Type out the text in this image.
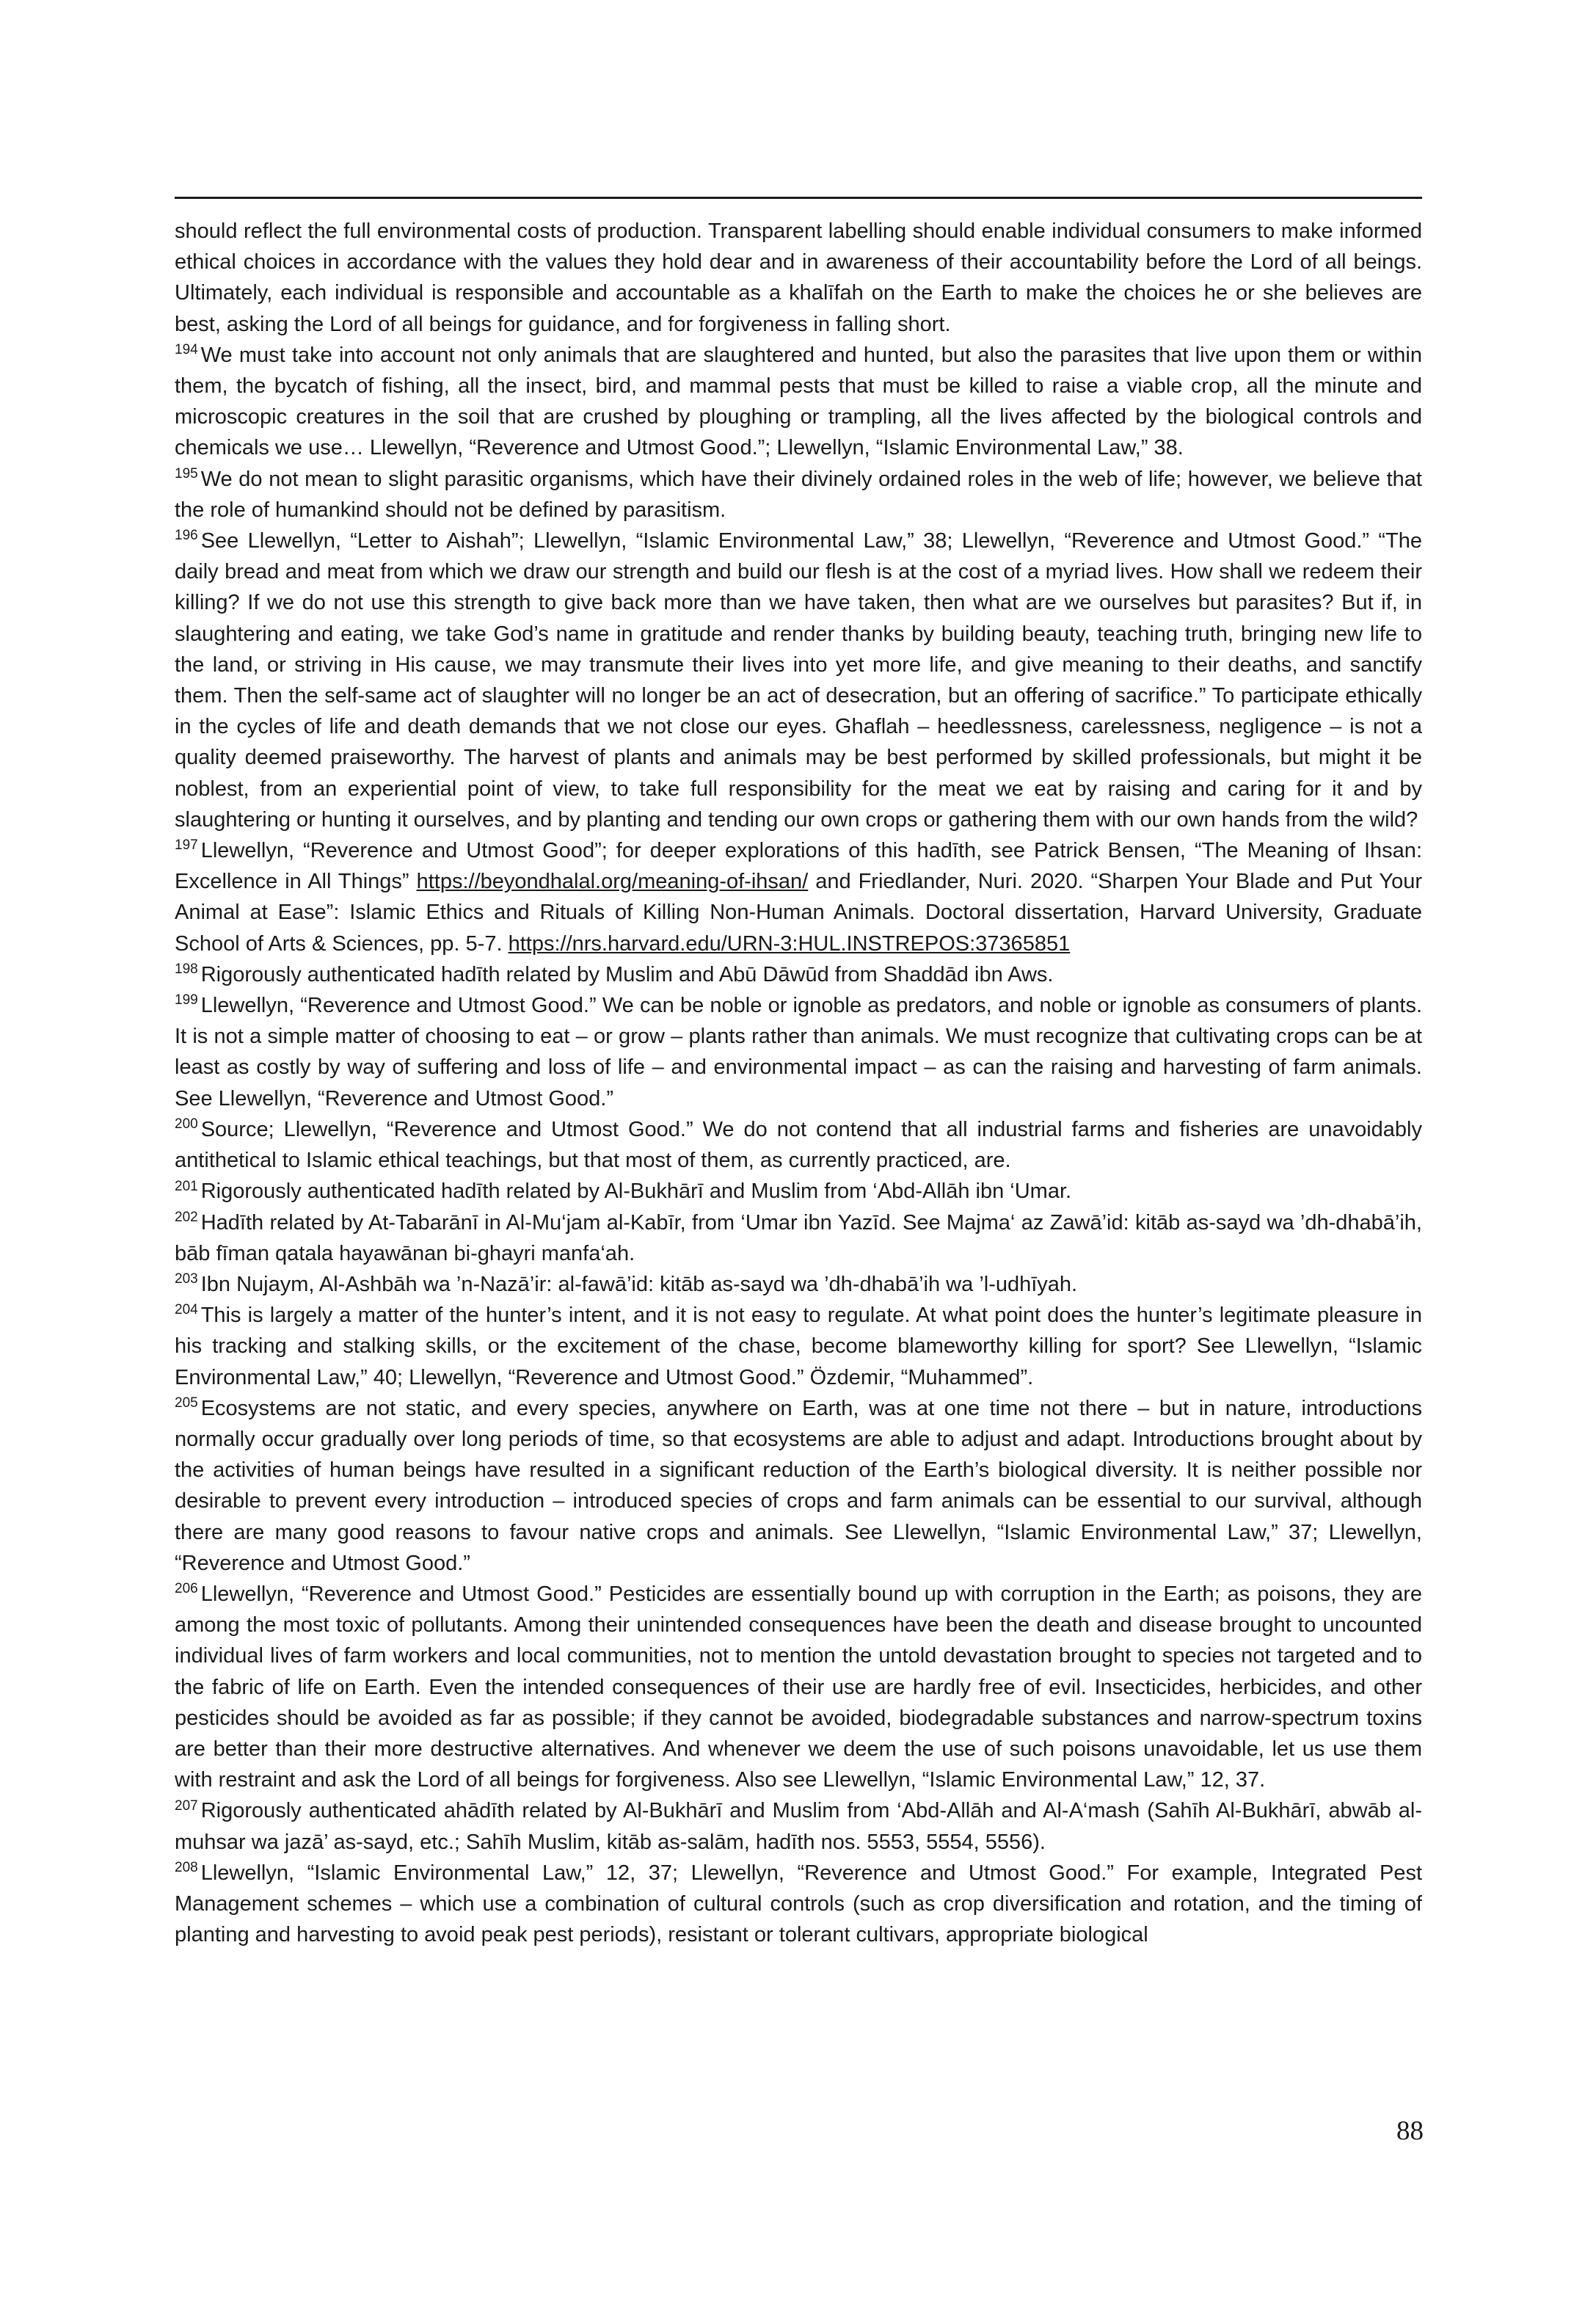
should reflect the full environmental costs of production. Transparent labelling should enable individual consumers to make informed ethical choices in accordance with the values they hold dear and in awareness of their accountability before the Lord of all beings. Ultimately, each individual is responsible and accountable as a khalīfah on the Earth to make the choices he or she believes are best, asking the Lord of all beings for guidance, and for forgiveness in falling short.

$^{194}$ We must take into account not only animals that are slaughtered and hunted, but also the parasites that live upon them or within them, the bycatch of fishing, all the insect, bird, and mammal pests that must be killed to raise a viable crop, all the minute and microscopic creatures in the soil that are crushed by ploughing or trampling, all the lives affected by the biological controls and chemicals we use… Llewellyn, “Reverence and Utmost Good.”; Llewellyn, “Islamic Environmental Law,” 38.

$^{195}$ We do not mean to slight parasitic organisms, which have their divinely ordained roles in the web of life; however, we believe that the role of humankind should not be defined by parasitism.

$^{196}$ See Llewellyn, “Letter to Aishah”; Llewellyn, “Islamic Environmental Law,” 38; Llewellyn, “Reverence and Utmost Good.” “The daily bread and meat from which we draw our strength and build our flesh is at the cost of a myriad lives. How shall we redeem their killing? If we do not use this strength to give back more than we have taken, then what are we ourselves but parasites? But if, in slaughtering and eating, we take God’s name in gratitude and render thanks by building beauty, teaching truth, bringing new life to the land, or striving in His cause, we may transmute their lives into yet more life, and give meaning to their deaths, and sanctify them. Then the self-same act of slaughter will no longer be an act of desecration, but an offering of sacrifice.” To participate ethically in the cycles of life and death demands that we not close our eyes. Ghaflah – heedlessness, carelessness, negligence – is not a quality deemed praiseworthy. The harvest of plants and animals may be best performed by skilled professionals, but might it be noblest, from an experiential point of view, to take full responsibility for the meat we eat by raising and caring for it and by slaughtering or hunting it ourselves, and by planting and tending our own crops or gathering them with our own hands from the wild?

$^{197}$ Llewellyn, “Reverence and Utmost Good”; for deeper explorations of this hadīth, see Patrick Bensen, “The Meaning of Ihsan: Excellence in All Things” https://beyondhalal.org/meaning-of-ihsan/ and Friedlander, Nuri. 2020. “Sharpen Your Blade and Put Your Animal at Ease”: Islamic Ethics and Rituals of Killing Non-Human Animals. Doctoral dissertation, Harvard University, Graduate School of Arts & Sciences, pp. 5-7. https://nrs.harvard.edu/URN-3:HUL.INSTREPOS:37365851

$^{198}$ Rigorously authenticated hadīth related by Muslim and Abū Dāwūd from Shaddād ibn Aws.

$^{199}$ Llewellyn, “Reverence and Utmost Good.” We can be noble or ignoble as predators, and noble or ignoble as consumers of plants. It is not a simple matter of choosing to eat – or grow – plants rather than animals. We must recognize that cultivating crops can be at least as costly by way of suffering and loss of life – and environmental impact – as can the raising and harvesting of farm animals. See Llewellyn, “Reverence and Utmost Good.”

$^{200}$ Source; Llewellyn, “Reverence and Utmost Good.” We do not contend that all industrial farms and fisheries are unavoidably antithetical to Islamic ethical teachings, but that most of them, as currently practiced, are.

$^{201}$ Rigorously authenticated hadīth related by Al-Bukhārī and Muslim from ‘Abd-Allāh ibn ‘Umar.

$^{202}$ Hadīth related by At-Tabarānī in Al-Mu‘jam al-Kabīr, from ‘Umar ibn Yazīd. See Majma‘ az Zawā’id: kitāb as-sayd wa ’dh-dhabā’ih, bāb fīman qatala hayawānan bi-ghayri manfa‘ah.

$^{203}$ Ibn Nujaym, Al-Ashbāh wa ’n-Nazā’ir: al-fawā’id: kitāb as-sayd wa ’dh-dhabā’ih wa ’l-udhīyah.

$^{204}$ This is largely a matter of the hunter’s intent, and it is not easy to regulate. At what point does the hunter’s legitimate pleasure in his tracking and stalking skills, or the excitement of the chase, become blameworthy killing for sport? See Llewellyn, “Islamic Environmental Law,” 40; Llewellyn, “Reverence and Utmost Good.” Özdemir, “Muhammed”.

$^{205}$ Ecosystems are not static, and every species, anywhere on Earth, was at one time not there – but in nature, introductions normally occur gradually over long periods of time, so that ecosystems are able to adjust and adapt. Introductions brought about by the activities of human beings have resulted in a significant reduction of the Earth’s biological diversity. It is neither possible nor desirable to prevent every introduction – introduced species of crops and farm animals can be essential to our survival, although there are many good reasons to favour native crops and animals. See Llewellyn, “Islamic Environmental Law,” 37; Llewellyn, “Reverence and Utmost Good.”

$^{206}$ Llewellyn, “Reverence and Utmost Good.” Pesticides are essentially bound up with corruption in the Earth; as poisons, they are among the most toxic of pollutants. Among their unintended consequences have been the death and disease brought to uncounted individual lives of farm workers and local communities, not to mention the untold devastation brought to species not targeted and to the fabric of life on Earth. Even the intended consequences of their use are hardly free of evil. Insecticides, herbicides, and other pesticides should be avoided as far as possible; if they cannot be avoided, biodegradable substances and narrow-spectrum toxins are better than their more destructive alternatives. And whenever we deem the use of such poisons unavoidable, let us use them with restraint and ask the Lord of all beings for forgiveness. Also see Llewellyn, “Islamic Environmental Law,” 12, 37.

$^{207}$ Rigorously authenticated ahādīth related by Al-Bukhārī and Muslim from ‘Abd-Allāh and Al-A‘mash (Sahīh Al-Bukhārī, abwāb al-muhsar wa jazā’ as-sayd, etc.; Sahīh Muslim, kitāb as-salām, hadīth nos. 5553, 5554, 5556).

$^{208}$ Llewellyn, “Islamic Environmental Law,” 12, 37; Llewellyn, “Reverence and Utmost Good.” For example, Integrated Pest Management schemes – which use a combination of cultural controls (such as crop diversification and rotation, and the timing of planting and harvesting to avoid peak pest periods), resistant or tolerant cultivars, appropriate biological

88
